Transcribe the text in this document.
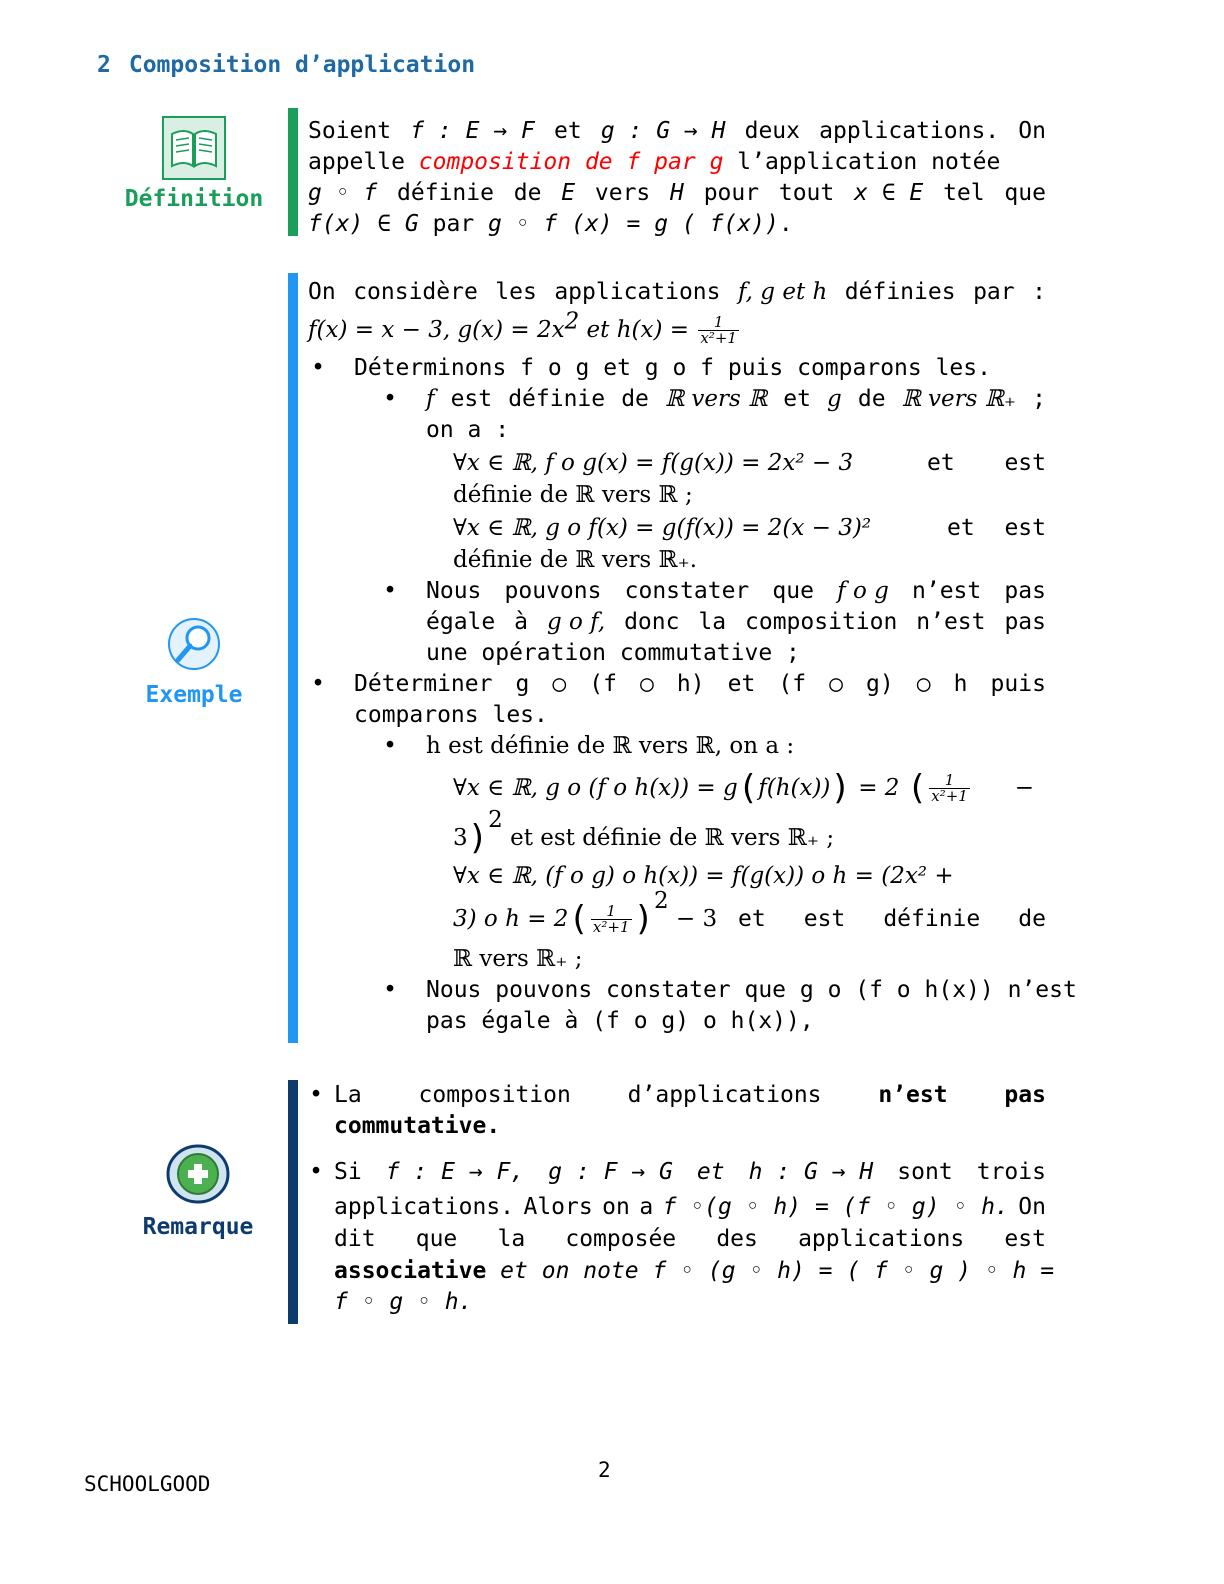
2 Composition d’application
Définition
Soient f : E → F et g : G → H deux applications. On
appelle composition de f par g l’application notée
g ◦ f définie de E vers H pour tout x ∈ E tel que
f(x) ∈ G par g ◦ f (x) = g ( f(x)).
Exemple
On considère les applications f, g et h définies par :
f(x) = x − 3, $g(x) = 2x^2$ et $h(x) = \frac{1}{\text{x²+1}}$
• Déterminons f o g et g o f puis comparons les.
• f est définie de ℝ vers ℝ et g de ℝ vers ℝ₊ ;
on a :
∀x ∈ ℝ, f o g(x) = f(g(x)) = 2x² − 3	et est
définie de ℝ vers ℝ ;
∀x ∈ ℝ, g o f(x) = g(f(x)) = 2(x − 3)²	et est
définie de ℝ vers ℝ₊.
• Nous pouvons constater que f o g n’est pas
égale à g o f, donc la composition n’est pas
une opération commutative ;
• Déterminer g ○ (f ○ h) et (f ○ g) ○ h puis
comparons les.
• h est définie de ℝ vers ℝ, on a :
∀x ∈ ℝ, g o (f o h(x)) = g(f(h(x))) = 2 ( $\frac{1}{\text{x²+1}}$ −
3)$^2$ et est définie de ℝ vers ℝ₊ ;
∀x ∈ ℝ, (f o g) o h(x)) = f(g(x)) o h = (2x² +
3) o $h = 2( \frac{1}{\text{x²+1}} )^2 - 3$ et est définie de
ℝ vers ℝ₊ ;
• Nous pouvons constater que g o (f o h(x)) n’est
pas égale à (f o g) o h(x)),
Remarque
• La composition d’applications n’est pas
commutative.
• Si f : E → F, g : F → G et h : G → H sont trois
applications. Alors on a f ◦(g ◦ h) = (f ◦ g) ◦ h. On
dit que la composée des applications est
associative et on note f ◦ (g ◦ h) = ( f ◦ g ) ◦ h =
f ◦ g ◦ h.
2
SCHOOLGOOD
